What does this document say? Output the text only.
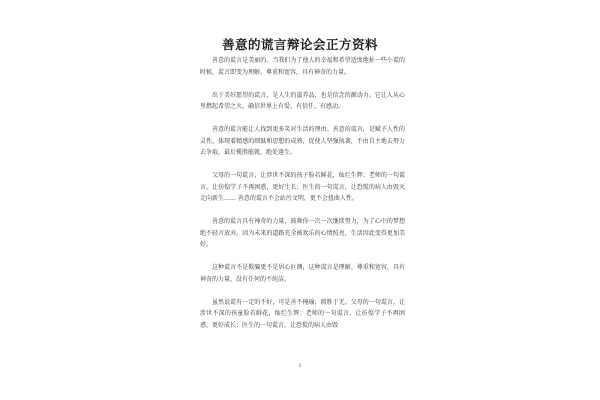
善意的谎言辩论会正方资料

善意的谎言是美丽的。当我们为了他人的幸福和希望适度地扯一些小谎的时候，谎言即变为理解、尊重和宽容，具有神奇的力量。

出于美好愿望的谎言，是人生的滋养品，也是信念的源动力。它让人从心里燃起希望之火，确信世界上有爱、有信任、有感动。

善意的谎言能让人找到更多笑对生活的理由。善意的谎言，是赋予人性的灵性。体现着精感的细腻和思想的成熟，促使人坚强执著，不由自主地去努力去争取，最后揽胜能就，绝处逢生。

父母的一句谎言，让涉世不深的孩子脸若鲜花，灿烂生辉；老师的一句谎言，让彷徨学子不再困惑，更好生长；医生的一句谎言，让恐慌的病人由毁灭走向新生…… 善意的谎言不会站污文明，更不会扭曲人性。

善意的谎言具有神奇的力量，鼓舞你一次一次继续努力，为了心中的梦想绝不轻言放弃。因为未来的道路充全被欢乐的心情照亮，生活因此变得更加美好。

这种谎言不是欺骗更不是居心叵测，这种谎言是理解、尊重和宽容，具有神奇的力量，没有任何的不纯洁。

虽然说谎有一定的不好，可是善不掩瑜，瑕胜于无。父母的一句谎言，让涉世不深的孩童脸若鲜花，灿烂生辉；老师的一句谎言，让彷徨学子不再困惑，更好成长；医生的一句谎言，让恐慌的病人由毁

1
